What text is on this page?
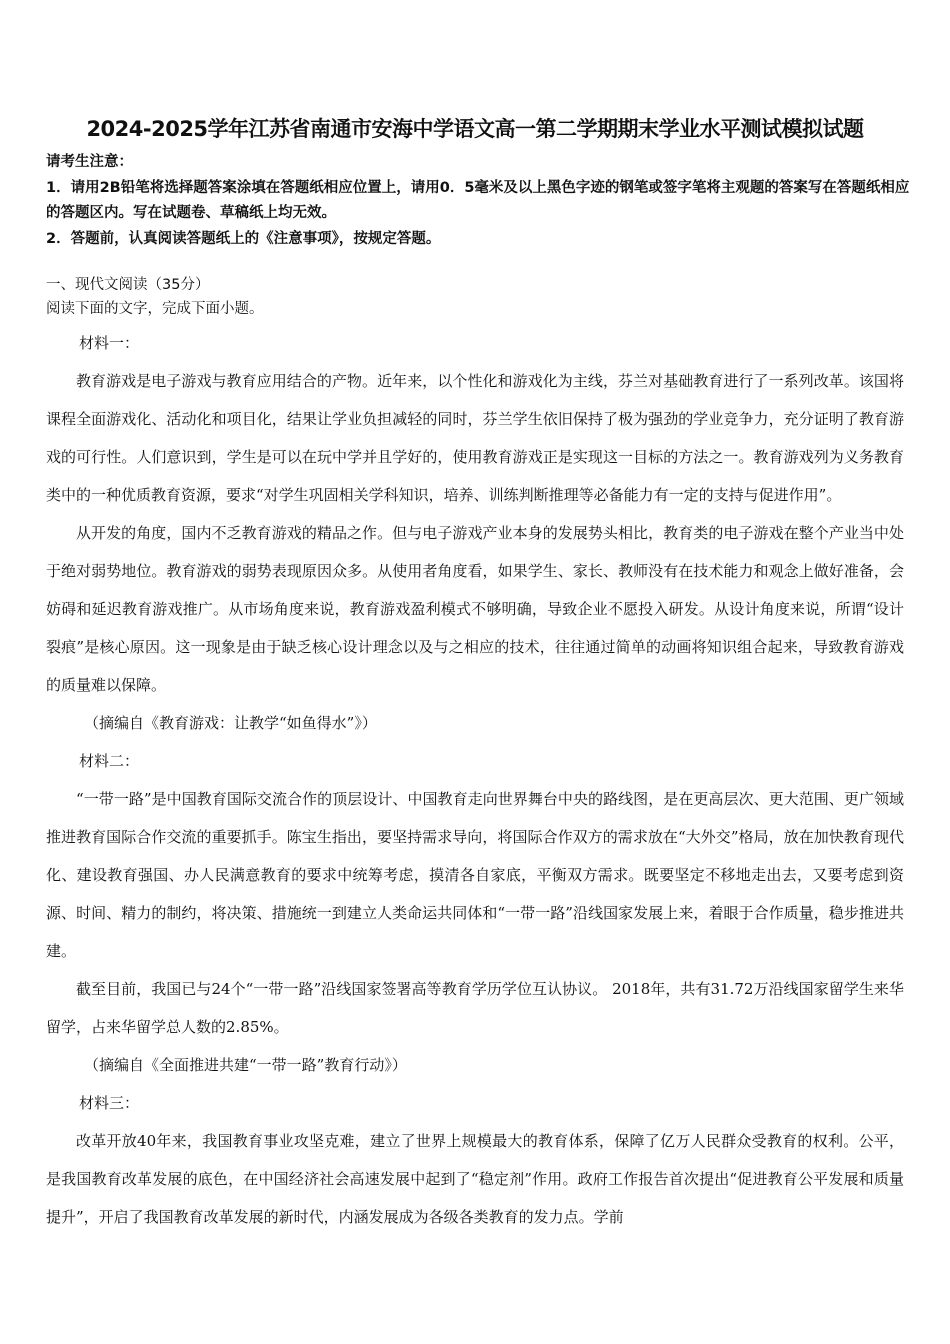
2024-2025学年江苏省南通市安海中学语文高一第二学期期末学业水平测试模拟试题

请考生注意：

1．请用2B铅笔将选择题答案涂填在答题纸相应位置上，请用0．5毫米及以上黑色字迹的钢笔或签字笔将主观题的答案写在答题纸相应的答题区内。写在试题卷、草稿纸上均无效。

2．答题前，认真阅读答题纸上的《注意事项》，按规定答题。

一、现代文阅读（35分）

阅读下面的文字，完成下面小题。

材料一：

教育游戏是电子游戏与教育应用结合的产物。近年来，以个性化和游戏化为主线，芬兰对基础教育进行了一系列改革。该国将课程全面游戏化、活动化和项目化，结果让学业负担减轻的同时，芬兰学生依旧保持了极为强劲的学业竞争力，充分证明了教育游戏的可行性。人们意识到，学生是可以在玩中学并且学好的，使用教育游戏正是实现这一目标的方法之一。教育游戏列为义务教育类中的一种优质教育资源，要求“对学生巩固相关学科知识，培养、训练判断推理等必备能力有一定的支持与促进作用”。

从开发的角度，国内不乏教育游戏的精品之作。但与电子游戏产业本身的发展势头相比，教育类的电子游戏在整个产业当中处于绝对弱势地位。教育游戏的弱势表现原因众多。从使用者角度看，如果学生、家长、教师没有在技术能力和观念上做好准备，会妨碍和延迟教育游戏推广。从市场角度来说，教育游戏盈利模式不够明确，导致企业不愿投入研发。从设计角度来说，所谓“设计裂痕”是核心原因。这一现象是由于缺乏核心设计理念以及与之相应的技术，往往通过简单的动画将知识组合起来，导致教育游戏的质量难以保障。

（摘编自《教育游戏：让教学“如鱼得水”》）

材料二：

“一带一路”是中国教育国际交流合作的顶层设计、中国教育走向世界舞台中央的路线图，是在更高层次、更大范围、更广领域推进教育国际合作交流的重要抓手。陈宝生指出，要坚持需求导向，将国际合作双方的需求放在“大外交”格局，放在加快教育现代化、建设教育强国、办人民满意教育的要求中统筹考虑，摸清各自家底，平衡双方需求。既要坚定不移地走出去，又要考虑到资源、时间、精力的制约，将决策、措施统一到建立人类命运共同体和“一带一路”沿线国家发展上来，着眼于合作质量，稳步推进共建。

截至目前，我国已与24个“一带一路”沿线国家签署高等教育学历学位互认协议。 2018年，共有31.72万沿线国家留学生来华留学，占来华留学总人数的2.85%。

（摘编自《全面推进共建“一带一路”教育行动》）

材料三：

改革开放40年来，我国教育事业攻坚克难，建立了世界上规模最大的教育体系，保障了亿万人民群众受教育的权利。公平，是我国教育改革发展的底色，在中国经济社会高速发展中起到了“稳定剂”作用。政府工作报告首次提出“促进教育公平发展和质量提升”，开启了我国教育改革发展的新时代，内涵发展成为各级各类教育的发力点。学前
